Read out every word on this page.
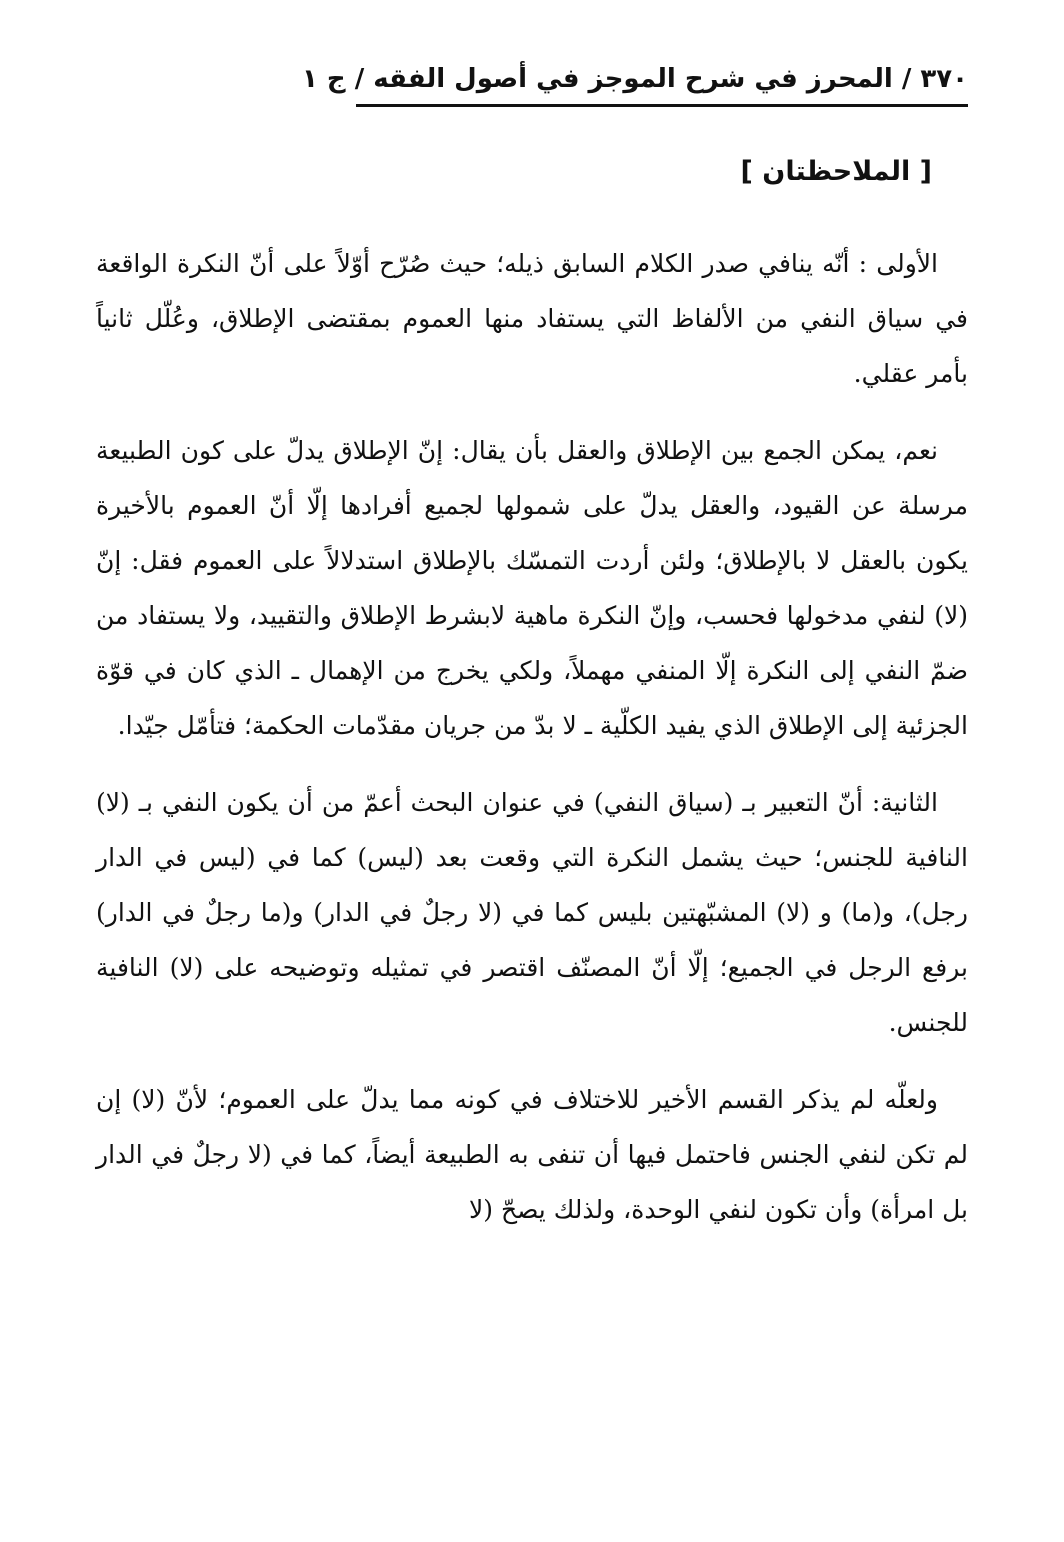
٣٧٠ / المحرز في شرح الموجز في أصول الفقه / ج ١
[ الملاحظتان ]

الأولى : أنّه ينافي صدر الكلام السابق ذيله؛ حيث صُرّح أوّلاً على أنّ النكرة الواقعة في سياق النفي من الألفاظ التي يستفاد منها العموم بمقتضى الإطلاق، وعُلّل ثانياً بأمر عقلي.

نعم، يمكن الجمع بين الإطلاق والعقل بأن يقال: إنّ الإطلاق يدلّ على كون الطبيعة مرسلة عن القيود، والعقل يدلّ على شمولها لجميع أفرادها إلّا أنّ العموم بالأخيرة يكون بالعقل لا بالإطلاق؛ ولئن أردت التمسّك بالإطلاق استدلالاً على العموم فقل: إنّ (لا) لنفي مدخولها فحسب، وإنّ النكرة ماهية لابشرط الإطلاق والتقييد، ولا يستفاد من ضمّ النفي إلى النكرة إلّا المنفي مهملاً، ولكي يخرج من الإهمال ـ الذي كان في قوّة الجزئية إلى الإطلاق الذي يفيد الكلّية ـ لا بدّ من جريان مقدّمات الحكمة؛ فتأمّل جيّدا.

الثانية: أنّ التعبير بـ (سياق النفي) في عنوان البحث أعمّ من أن يكون النفي بـ (لا) النافية للجنس؛ حيث يشمل النكرة التي وقعت بعد (ليس) كما في (ليس في الدار رجل)، و(ما) و (لا) المشبّهتين بليس كما في (لا رجلٌ في الدار) و(ما رجلٌ في الدار) برفع الرجل في الجميع؛ إلّا أنّ المصنّف اقتصر في تمثيله وتوضيحه على (لا) النافية للجنس.

ولعلّه لم يذكر القسم الأخير للاختلاف في كونه مما يدلّ على العموم؛ لأنّ (لا) إن لم تكن لنفي الجنس فاحتمل فيها أن تنفى به الطبيعة أيضاً، كما في (لا رجلٌ في الدار بل امرأة) وأن تكون لنفي الوحدة، ولذلك يصحّ (لا
